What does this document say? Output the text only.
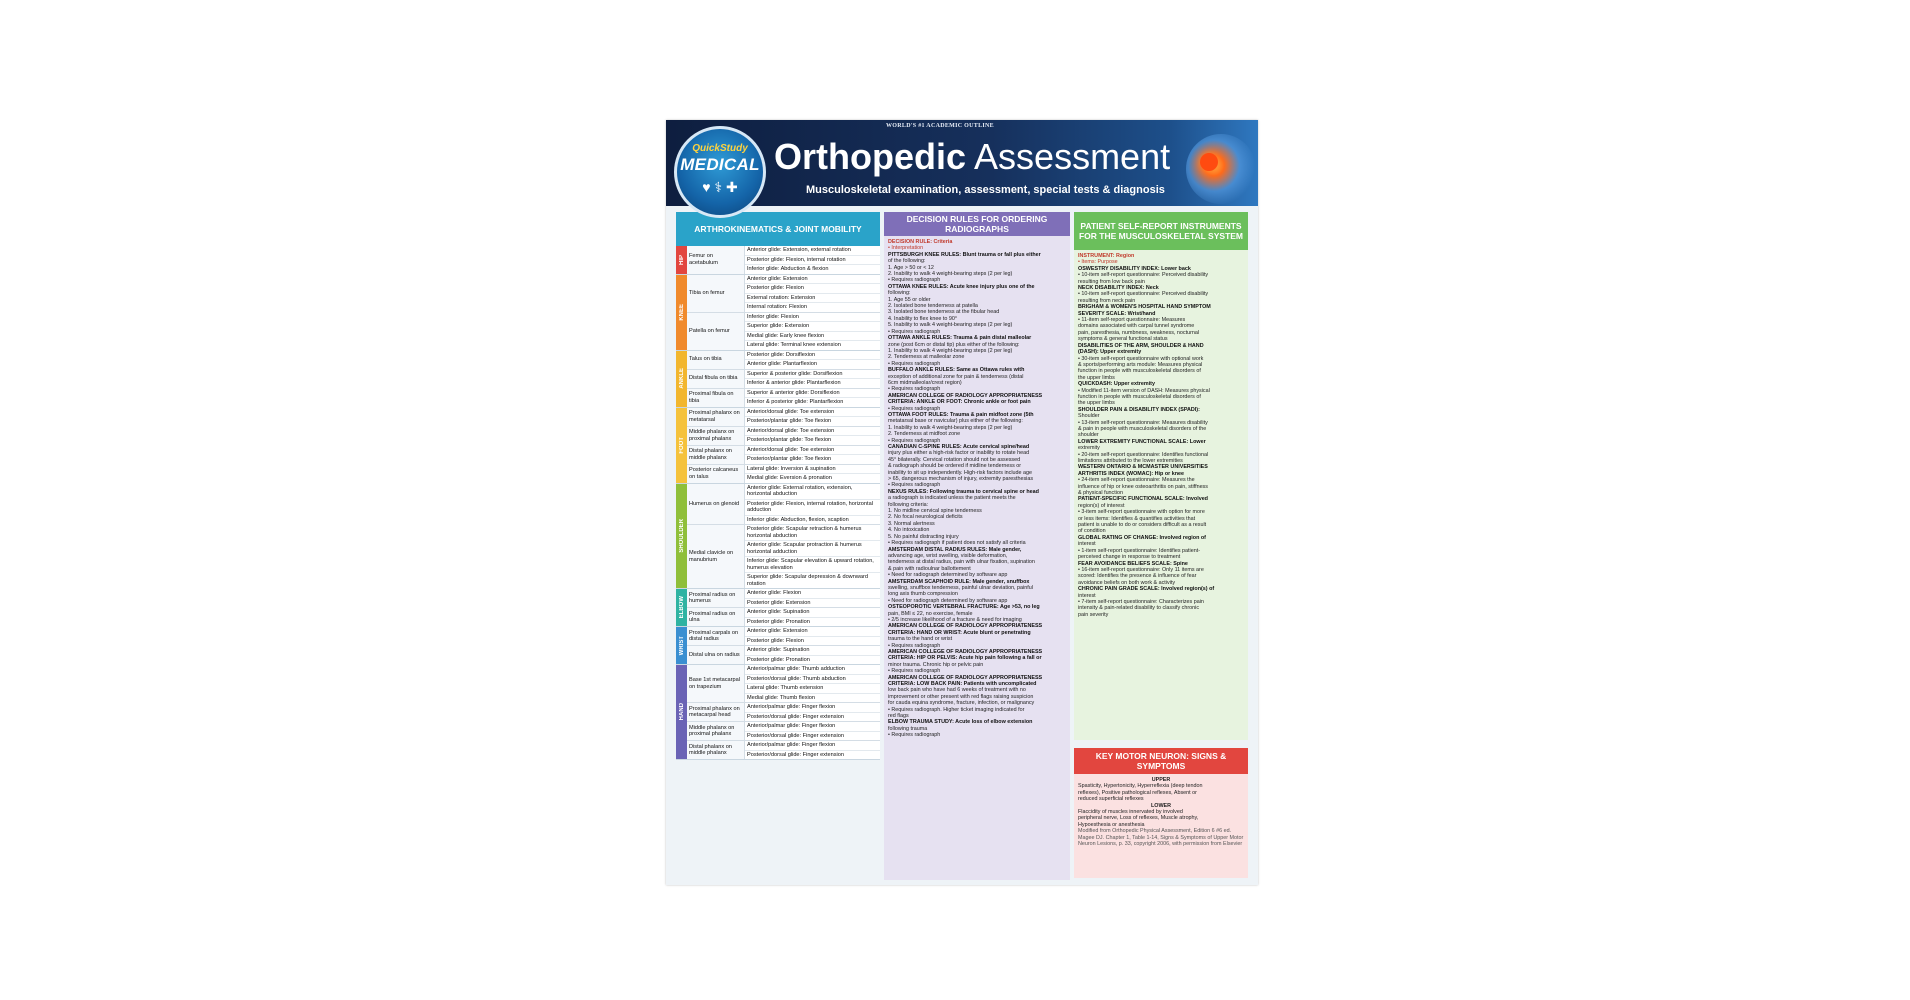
WORLD'S #1 ACADEMIC OUTLINE
Orthopedic Assessment
Musculoskeletal examination, assessment, special tests & diagnosis
QuickStudy
MEDICAL
♥ ⚕ ✚
ARTHROKINEMATICS & JOINT MOBILITY
HIP Femur on acetabulum
Anterior glide: Extension, external rotation
Posterior glide: Flexion, internal rotation
Inferior glide: Abduction & flexion
KNEE
Tibia on femur
Anterior glide: Extension
Posterior glide: Flexion
External rotation: Extension
Internal rotation: Flexion
Patella on femur
Inferior glide: Flexion
Superior glide: Extension
Medial glide: Early knee flexion
Lateral glide: Terminal knee extension
ANKLE
Talus on tibia
Posterior glide: Dorsiflexion
Anterior glide: Plantarflexion
Distal fibula on tibia
Superior & posterior glide: Dorsiflexion
Inferior & anterior glide: Plantarflexion
Proximal fibula on tibia
Superior & anterior glide: Dorsiflexion
Inferior & posterior glide: Plantarflexion
FOOT
Proximal phalanx on metatarsal
Anterior/dorsal glide: Toe extension
Posterior/plantar glide: Toe flexion
Middle phalanx on proximal phalanx
Anterior/dorsal glide: Toe extension
Posterior/plantar glide: Toe flexion
Distal phalanx on middle phalanx
Anterior/dorsal glide: Toe extension
Posterior/plantar glide: Toe flexion
Posterior calcaneus on talus
Lateral glide: Inversion & supination
Medial glide: Eversion & pronation
SHOULDER
Humerus on glenoid
Anterior glide: External rotation, extension, horizontal abduction
Posterior glide: Flexion, internal rotation, horizontal adduction
Inferior glide: Abduction, flexion, scaption
Medial clavicle on manubrium
Posterior glide: Scapular retraction & humerus horizontal abduction
Anterior glide: Scapular protraction & humerus horizontal adduction
Inferior glide: Scapular elevation & upward rotation, humerus elevation
Superior glide: Scapular depression & downward rotation
ELBOW
Proximal radius on humerus
Anterior glide: Flexion
Posterior glide: Extension
Proximal radius on ulna
Anterior glide: Supination
Posterior glide: Pronation
WRIST
Proximal carpals on distal radius
Anterior glide: Extension
Posterior glide: Flexion
Distal ulna on radius
Anterior glide: Supination
Posterior glide: Pronation
HAND
Base 1st metacarpal on trapezium
Anterior/palmar glide: Thumb adduction
Posterior/dorsal glide: Thumb abduction
Lateral glide: Thumb extension
Medial glide: Thumb flexion
Proximal phalanx on metacarpal head
Anterior/palmar glide: Finger flexion
Posterior/dorsal glide: Finger extension
Middle phalanx on proximal phalanx
Anterior/palmar glide: Finger flexion
Posterior/dorsal glide: Finger extension
Distal phalanx on middle phalanx
Anterior/palmar glide: Finger flexion
Posterior/dorsal glide: Finger extension
DECISION RULES FOR ORDERING RADIOGRAPHS
DECISION RULE: Criteria
• Interpretation
PITTSBURGH KNEE RULES: Blunt trauma or fall plus either
of the following:
1. Age > 50 or < 12
2. Inability to walk 4 weight-bearing steps (2 per leg)
• Requires radiograph
OTTAWA KNEE RULES: Acute knee injury plus one of the
following:
1. Age 55 or older
2. Isolated bone tenderness at patella
3. Isolated bone tenderness at the fibular head
4. Inability to flex knee to 90°
5. Inability to walk 4 weight-bearing steps (2 per leg)
• Requires radiograph
OTTAWA ANKLE RULES: Trauma & pain distal malleolar
zone (post 6cm or distal tip) plus either of the following:
1. Inability to walk 4 weight-bearing steps (2 per leg)
2. Tenderness at malleolar zone
• Requires radiograph
BUFFALO ANKLE RULES: Same as Ottawa rules with
exception of additional zone for pain & tenderness (distal
6cm midmalleolar/crest region)
• Requires radiograph
AMERICAN COLLEGE OF RADIOLOGY APPROPRIATENESS
CRITERIA: ANKLE OR FOOT: Chronic ankle or foot pain
• Requires radiograph
OTTAWA FOOT RULES: Trauma & pain midfoot zone (5th
metatarsal base or navicular) plus either of the following:
1. Inability to walk 4 weight-bearing steps (2 per leg)
2. Tenderness at midfoot zone
• Requires radiograph
CANADIAN C-SPINE RULES: Acute cervical spine/head
injury plus either a high-risk factor or inability to rotate head
45° bilaterally. Cervical rotation should not be assessed
& radiograph should be ordered if midline tenderness or
inability to sit up independently. High-risk factors include age
> 65, dangerous mechanism of injury, extremity paresthesias
• Requires radiograph
NEXUS RULES: Following trauma to cervical spine or head
a radiograph is indicated unless the patient meets the
following criteria:
1. No midline cervical spine tenderness
2. No focal neurological deficits
3. Normal alertness
4. No intoxication
5. No painful distracting injury
• Requires radiograph if patient does not satisfy all criteria
AMSTERDAM DISTAL RADIUS RULES: Male gender,
advancing age, wrist swelling, visible deformation,
tenderness at distal radius, pain with ulnar fixation, supination
& pain with radioulnar ballottement
• Need for radiograph determined by software app
AMSTERDAM SCAPHOID RULE: Male gender, snuffbox
swelling, snuffbox tenderness, painful ulnar deviation, painful
long axis thumb compression
• Need for radiograph determined by software app
OSTEOPOROTIC VERTEBRAL FRACTURE: Age >53, no leg
pain, BMI ≤ 22, no exercise, female
• 2/5 increase likelihood of a fracture & need for imaging
AMERICAN COLLEGE OF RADIOLOGY APPROPRIATENESS
CRITERIA: HAND OR WRIST: Acute blunt or penetrating
trauma to the hand or wrist
• Requires radiograph
AMERICAN COLLEGE OF RADIOLOGY APPROPRIATENESS
CRITERIA: HIP OR PELVIS: Acute hip pain following a fall or
minor trauma. Chronic hip or pelvic pain
• Requires radiograph
AMERICAN COLLEGE OF RADIOLOGY APPROPRIATENESS
CRITERIA: LOW BACK PAIN: Patients with uncomplicated
low back pain who have had 6 weeks of treatment with no
improvement or other present with red flags raising suspicion
for cauda equina syndrome, fracture, infection, or malignancy
• Requires radiograph. Higher ticket imaging indicated for
red flags
ELBOW TRAUMA STUDY: Acute loss of elbow extension
following trauma
• Requires radiograph
PATIENT SELF-REPORT INSTRUMENTS FOR THE MUSCULOSKELETAL SYSTEM
INSTRUMENT: Region
• Items: Purpose
OSWESTRY DISABILITY INDEX: Lower back
• 10-item self-report questionnaire: Perceived disability
resulting from low back pain
NECK DISABILITY INDEX: Neck
• 10-item self-report questionnaire: Perceived disability
resulting from neck pain
BRIGHAM & WOMEN'S HOSPITAL HAND SYMPTOM
SEVERITY SCALE: Wrist/hand
• 11-item self-report questionnaire: Measures
domains associated with carpal tunnel syndrome
pain, paresthesia, numbness, weakness, nocturnal
symptoms & general functional status
DISABILITIES OF THE ARM, SHOULDER & HAND
(DASH): Upper extremity
• 30-item self-report questionnaire with optional work
& sports/performing arts module: Measures physical
function in people with musculoskeletal disorders of
the upper limbs
QUICKDASH: Upper extremity
• Modified 11-item version of DASH: Measures physical
function in people with musculoskeletal disorders of
the upper limbs
SHOULDER PAIN & DISABILITY INDEX (SPADI):
Shoulder
• 13-item self-report questionnaire: Measures disability
& pain in people with musculoskeletal disorders of the
shoulder
LOWER EXTREMITY FUNCTIONAL SCALE: Lower
extremity
• 20-item self-report questionnaire: Identifies functional
limitations attributed to the lower extremities
WESTERN ONTARIO & MCMASTER UNIVERSITIES
ARTHRITIS INDEX (WOMAC): Hip or knee
• 24-item self-report questionnaire: Measures the
influence of hip or knee osteoarthritis on pain, stiffness
& physical function
PATIENT-SPECIFIC FUNCTIONAL SCALE: Involved
region(s) of interest
• 3-item self-report questionnaire with option for more
or less items: Identifies & quantifies activities that
patient is unable to do or considers difficult as a result
of condition
GLOBAL RATING OF CHANGE: Involved region of
interest
• 1-item self-report questionnaire: Identifies patient-
perceived change in response to treatment
FEAR AVOIDANCE BELIEFS SCALE: Spine
• 16-item self-report questionnaire: Only 11 items are
scored: Identifies the presence & influence of fear
avoidance beliefs on both work & activity
CHRONIC PAIN GRADE SCALE: Involved region(s) of
interest
• 7-item self-report questionnaire: Characterizes pain
intensity & pain-related disability to classify chronic
pain severity
KEY MOTOR NEURON: SIGNS & SYMPTOMS
UPPER
Spasticity, Hypertonicity, Hyperreflexia (deep tendon
reflexes), Positive pathological reflexes, Absent or
reduced superficial reflexes
LOWER
Flaccidity of muscles innervated by involved
peripheral nerve, Loss of reflexes, Muscle atrophy,
Hypoesthesia or anesthesia
Modified from Orthopedic Physical Assessment, Edition 6 #6 ed.
Magee DJ. Chapter 1, Table 1-14, Signs & Symptoms of Upper Motor
Neuron Lesions, p. 33, copyright 2006, with permission from Elsevier
